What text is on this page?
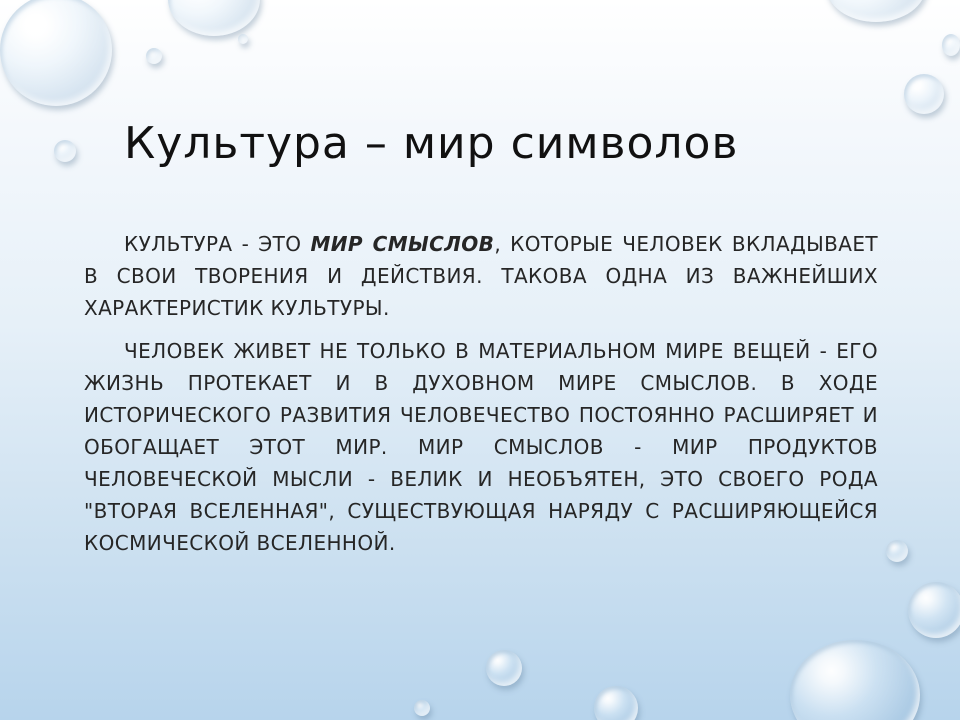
Культура – мир символов

КУЛЬТУРА - ЭТО МИР СМЫСЛОВ, КОТОРЫЕ ЧЕЛОВЕК ВКЛАДЫВАЕТ В СВОИ ТВОРЕНИЯ И ДЕЙСТВИЯ. ТАКОВА ОДНА ИЗ ВАЖНЕЙШИХ ХАРАКТЕРИСТИК КУЛЬТУРЫ.

ЧЕЛОВЕК ЖИВЕТ НЕ ТОЛЬКО В МАТЕРИАЛЬНОМ МИРЕ ВЕЩЕЙ - ЕГО ЖИЗНЬ ПРОТЕКАЕТ И В ДУХОВНОМ МИРЕ СМЫСЛОВ. В ХОДЕ ИСТОРИЧЕСКОГО РАЗВИТИЯ ЧЕЛОВЕЧЕСТВО ПОСТОЯННО РАСШИРЯЕТ И ОБОГАЩАЕТ ЭТОТ МИР. МИР СМЫСЛОВ - МИР ПРОДУКТОВ ЧЕЛОВЕЧЕСКОЙ МЫСЛИ - ВЕЛИК И НЕОБЪЯТЕН, ЭТО СВОЕГО РОДА "ВТОРАЯ ВСЕЛЕННАЯ", СУЩЕСТВУЮЩАЯ НАРЯДУ С РАСШИРЯЮЩЕЙСЯ КОСМИЧЕСКОЙ ВСЕЛЕННОЙ.
